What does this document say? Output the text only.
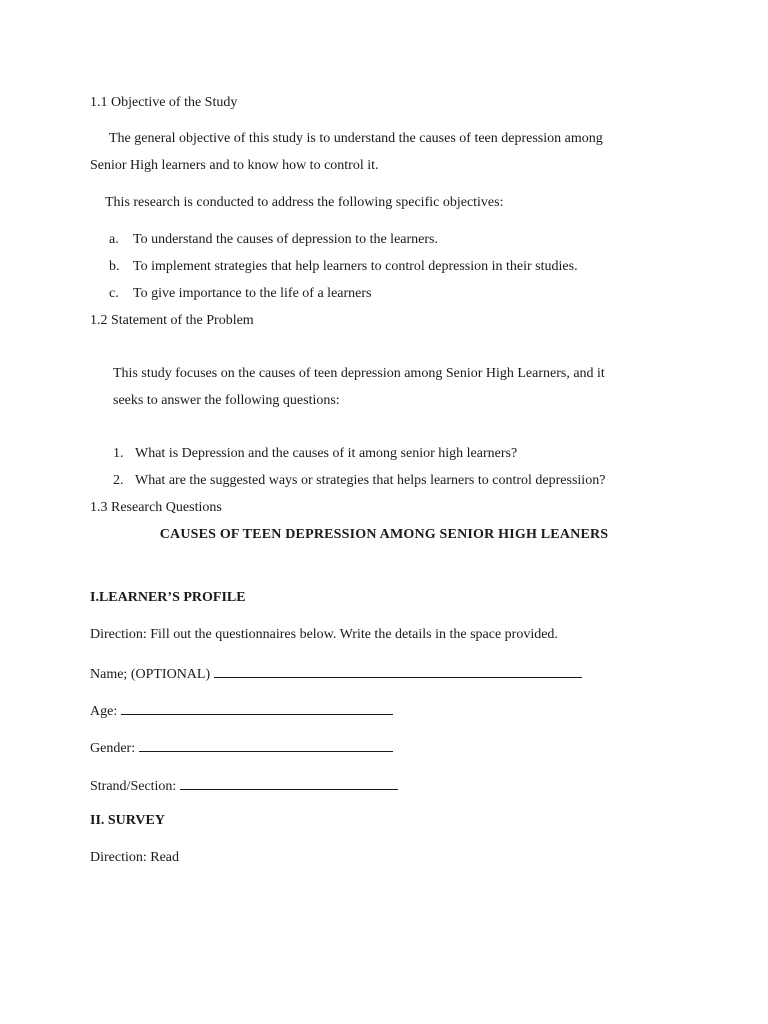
1.1 Objective of the Study
The general objective of this study is to understand the causes of teen depression among
Senior High learners and to know how to control it.
This research is conducted to address the following specific objectives:
a. To understand the causes of depression to the learners.
b. To implement strategies that help learners to control depression in their studies.
c. To give importance to the life of a learners
1.2 Statement of the Problem
This study focuses on the causes of teen depression among Senior High Learners, and it
seeks to answer the following questions:
1. What is Depression and the causes of it among senior high learners?
2. What are the suggested ways or strategies that helps learners to control depressiion?
1.3 Research Questions
CAUSES OF TEEN DEPRESSION AMONG SENIOR HIGH LEANERS
I.LEARNER’S PROFILE
Direction: Fill out the questionnaires below. Write the details in the space provided.
Name; (OPTIONAL)
Age:
Gender:
Strand/Section:
II. SURVEY
Direction: Read
